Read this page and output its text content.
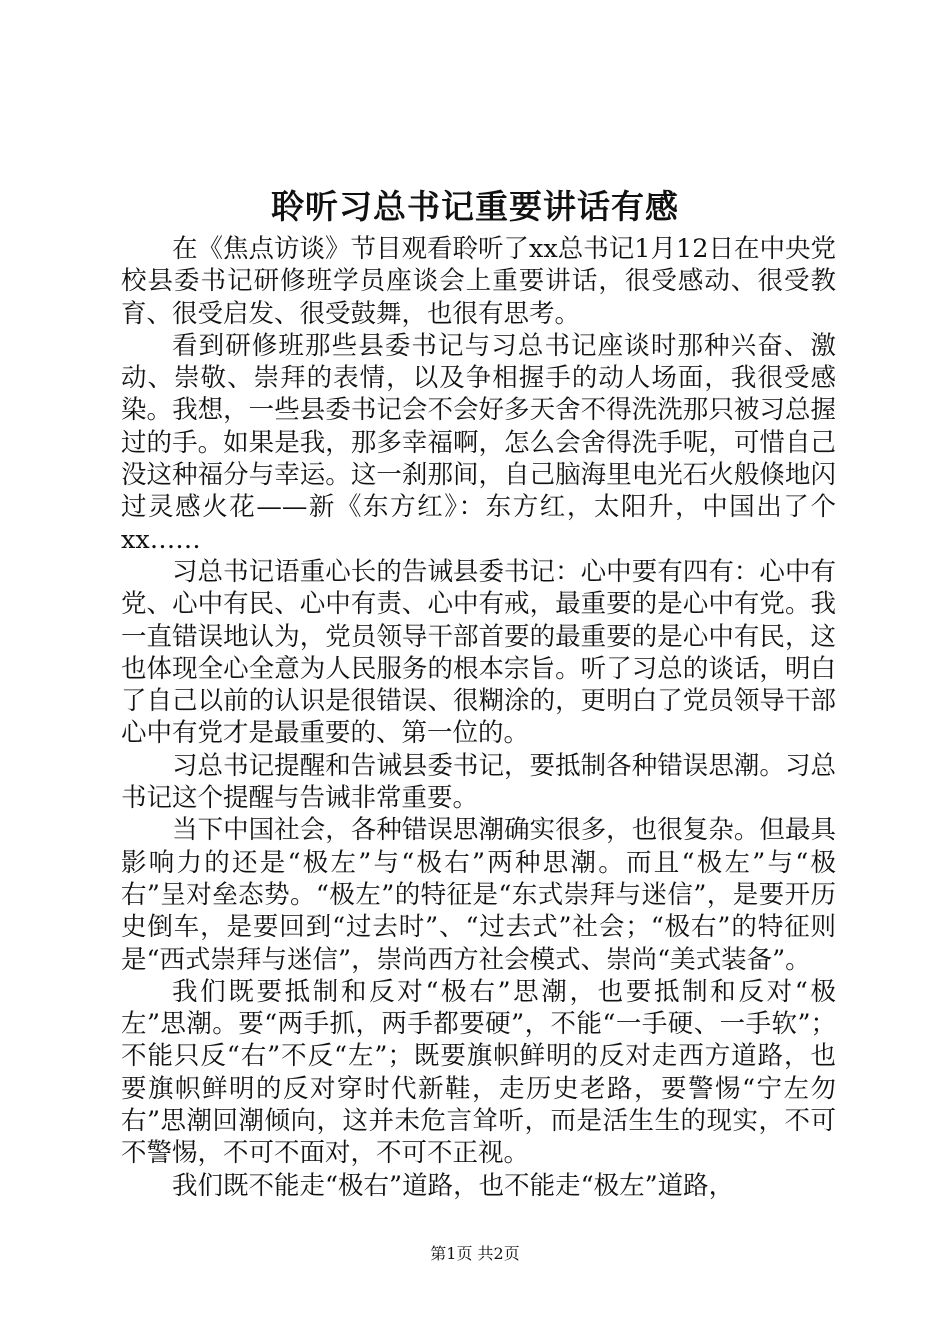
聆听习总书记重要讲话有感

在《焦点访谈》节目观看聆听了xx总书记1月12日在中央党校县委书记研修班学员座谈会上重要讲话，很受感动、很受教育、很受启发、很受鼓舞，也很有思考。

看到研修班那些县委书记与习总书记座谈时那种兴奋、激动、崇敬、崇拜的表情，以及争相握手的动人场面，我很受感染。我想，一些县委书记会不会好多天舍不得洗洗那只被习总握过的手。如果是我，那多幸福啊，怎么会舍得洗手呢，可惜自己没这种福分与幸运。这一刹那间，自己脑海里电光石火般倏地闪过灵感火花——新《东方红》：东方红，太阳升，中国出了个xx……

习总书记语重心长的告诫县委书记：心中要有四有：心中有党、心中有民、心中有责、心中有戒，最重要的是心中有党。我一直错误地认为，党员领导干部首要的最重要的是心中有民，这也体现全心全意为人民服务的根本宗旨。听了习总的谈话，明白了自己以前的认识是很错误、很糊涂的，更明白了党员领导干部心中有党才是最重要的、第一位的。

习总书记提醒和告诫县委书记，要抵制各种错误思潮。习总书记这个提醒与告诫非常重要。

当下中国社会，各种错误思潮确实很多，也很复杂。但最具影响力的还是“极左”与“极右”两种思潮。而且“极左”与“极右”呈对垒态势。“极左”的特征是“东式崇拜与迷信”，是要开历史倒车，是要回到“过去时”、“过去式”社会；“极右”的特征则是“西式崇拜与迷信”，崇尚西方社会模式、崇尚“美式装备”。

我们既要抵制和反对“极右”思潮，也要抵制和反对“极左”思潮。要“两手抓，两手都要硬”，不能“一手硬、一手软”；不能只反“右”不反“左”；既要旗帜鲜明的反对走西方道路，也要旗帜鲜明的反对穿时代新鞋，走历史老路，要警惕“宁左勿右”思潮回潮倾向，这并未危言耸听，而是活生生的现实，不可不警惕，不可不面对，不可不正视。

我们既不能走“极右”道路，也不能走“极左”道路，

第1页 共2页
